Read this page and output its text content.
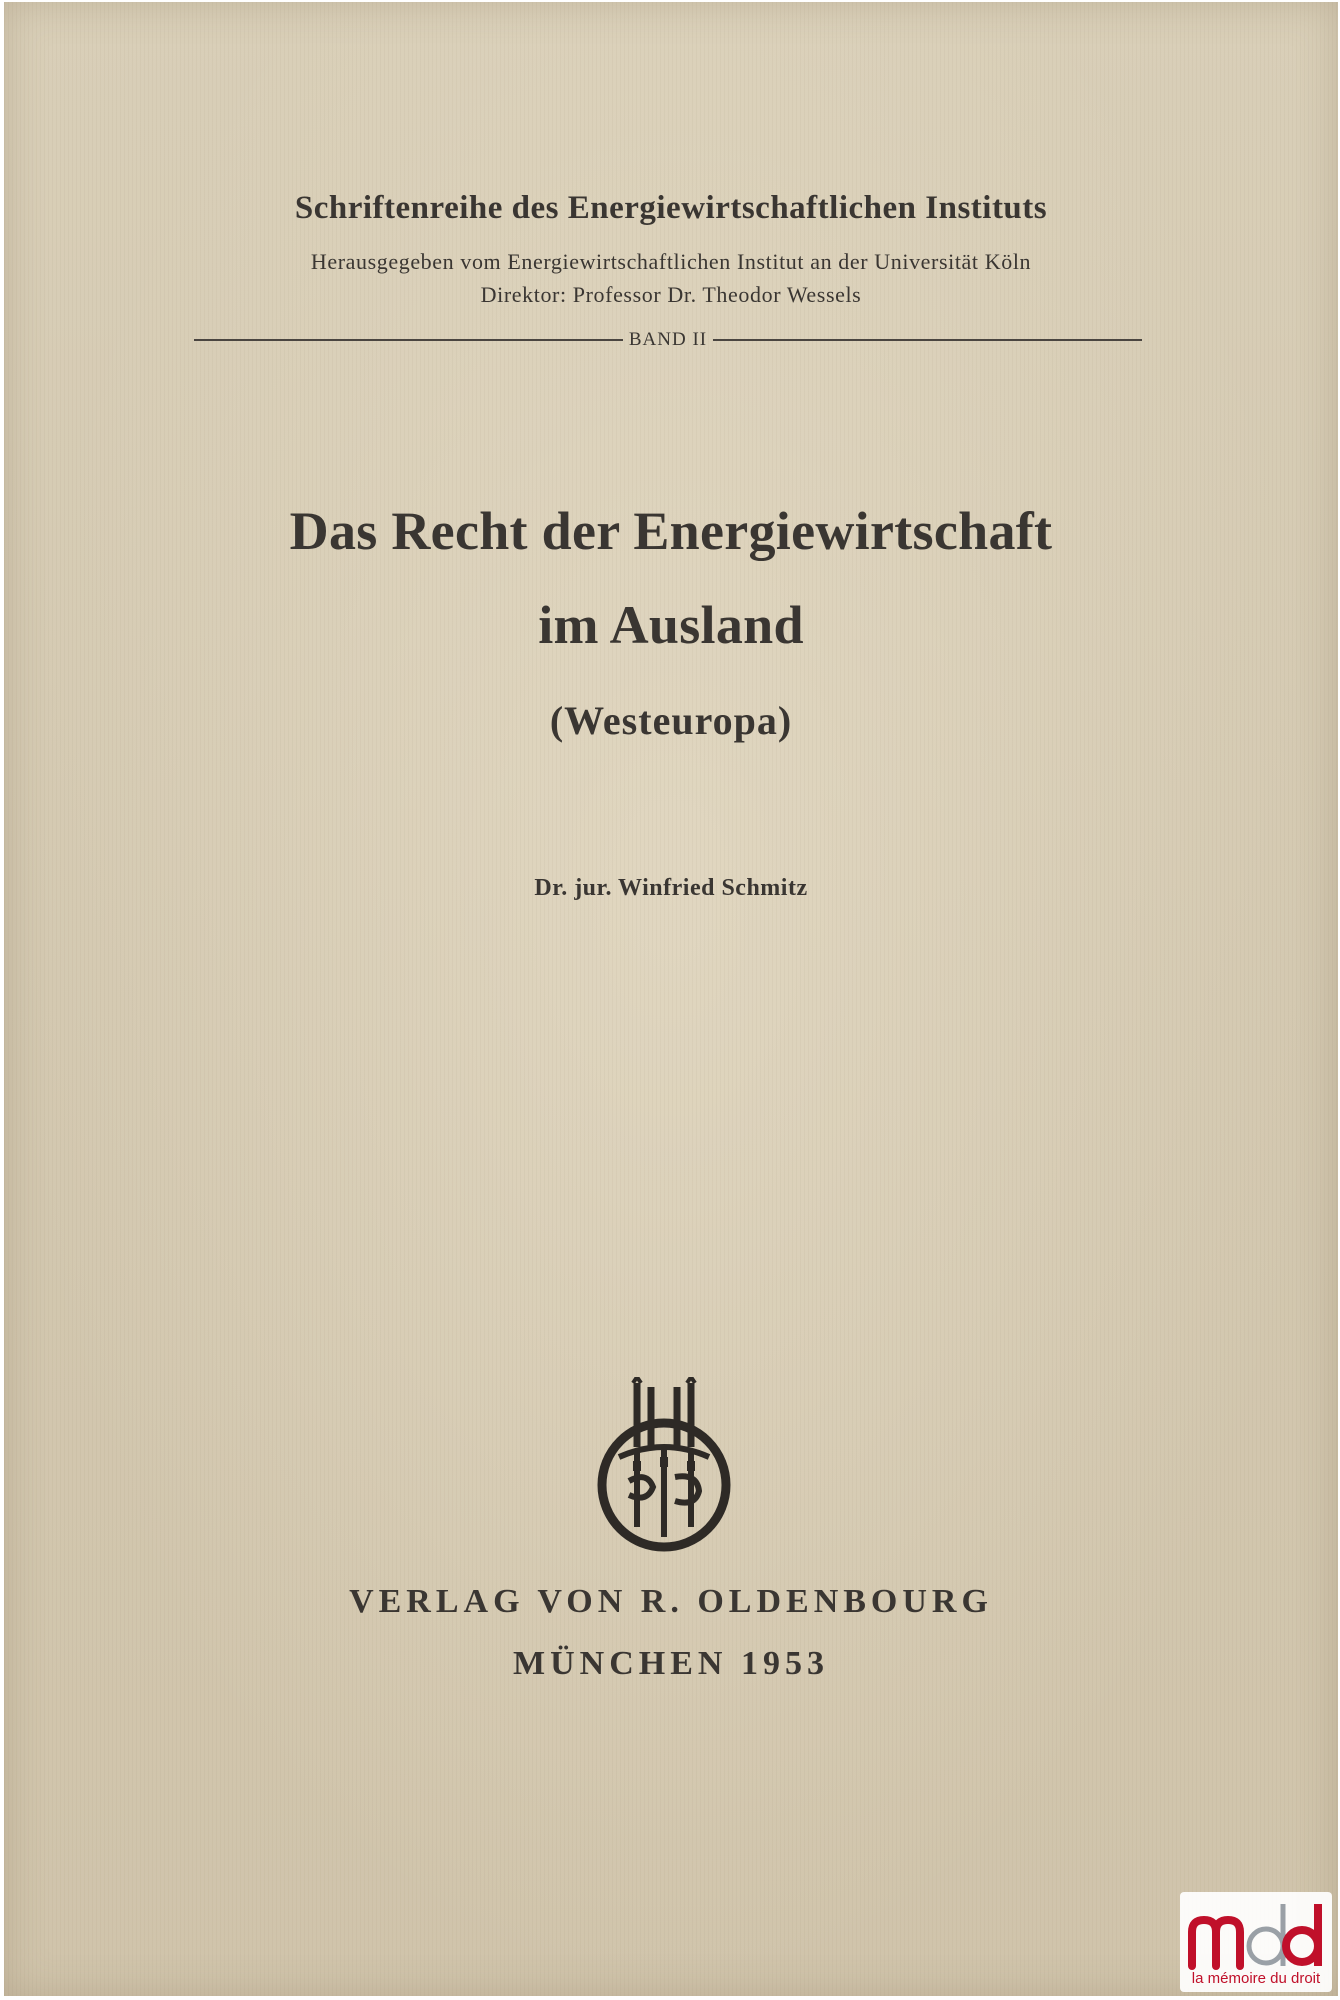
Schriftenreihe des Energiewirtschaftlichen Instituts
Herausgegeben vom Energiewirtschaftlichen Institut an der Universität Köln
Direktor: Professor Dr. Theodor Wessels
BAND II
Das Recht der Energiewirtschaft
im Ausland
(Westeuropa)
Dr. jur. Winfried Schmitz
VERLAG VON R. OLDENBOURG
MÜNCHEN 1953
la mémoire du droit
